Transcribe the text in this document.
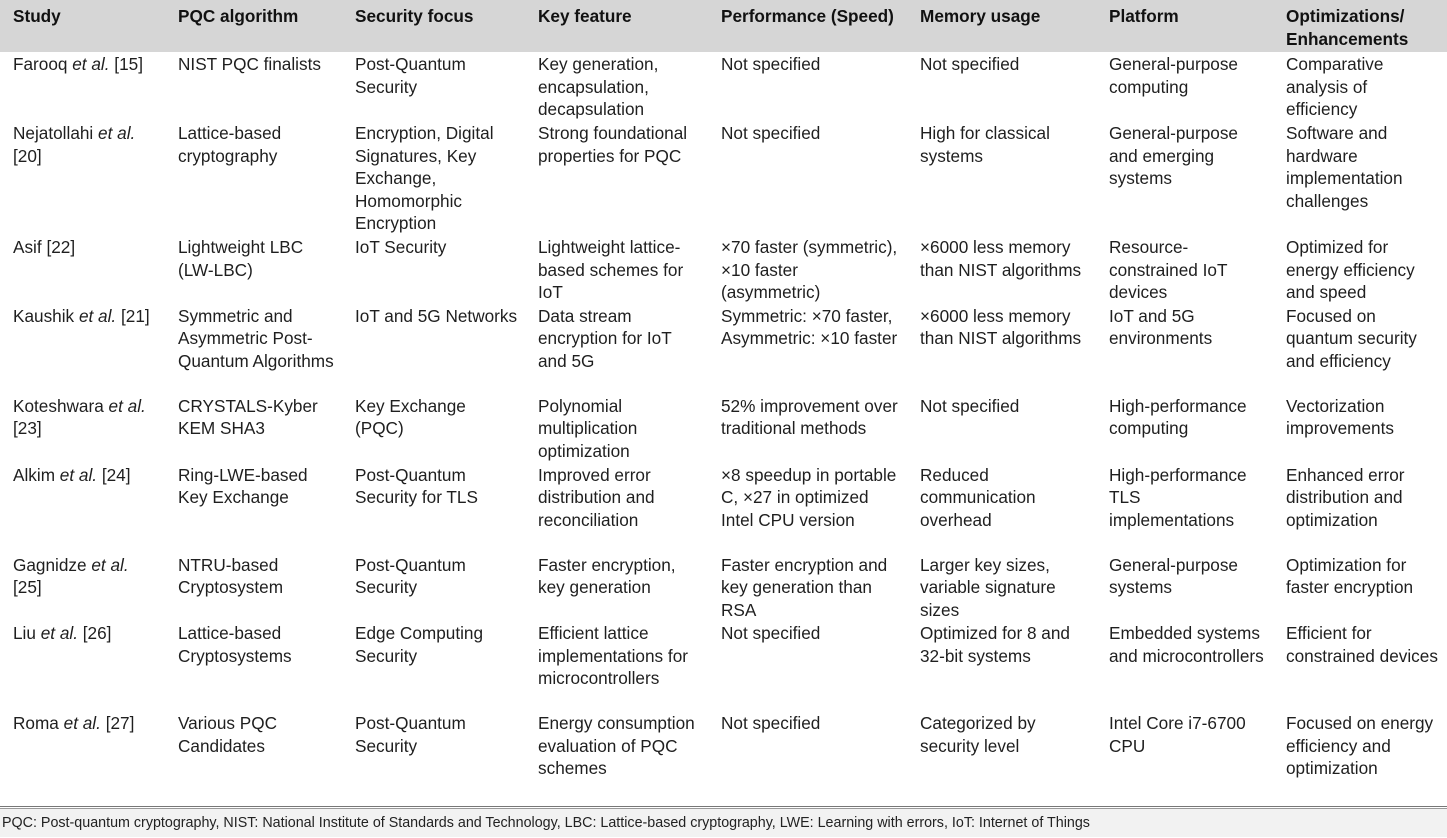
Study	PQC algorithm	Security focus	Key feature	Performance (Speed)	Memory usage	Platform	Optimizations/ Enhancements
Farooq et al. [15]	NIST PQC finalists	Post-Quantum Security	Key generation, encapsulation, decapsulation	Not specified	Not specified	General-purpose computing	Comparative analysis of efficiency
Nejatollahi et al. [20]	Lattice-based cryptography	Encryption, Digital Signatures, Key Exchange, Homomorphic Encryption	Strong foundational properties for PQC	Not specified	High for classical systems	General-purpose and emerging systems	Software and hardware implementation challenges
Asif [22]	Lightweight LBC (LW-LBC)	IoT Security	Lightweight lattice-based schemes for IoT	×70 faster (symmetric), ×10 faster (asymmetric)	×6000 less memory than NIST algorithms	Resource-constrained IoT devices	Optimized for energy efficiency and speed
Kaushik et al. [21]	Symmetric and Asymmetric Post-Quantum Algorithms	IoT and 5G Networks	Data stream encryption for IoT and 5G	Symmetric: ×70 faster, Asymmetric: ×10 faster	×6000 less memory than NIST algorithms	IoT and 5G environments	Focused on quantum security and efficiency
Koteshwara et al. [23]	CRYSTALS-Kyber KEM SHA3	Key Exchange (PQC)	Polynomial multiplication optimization	52% improvement over traditional methods	Not specified	High-performance computing	Vectorization improvements
Alkim et al. [24]	Ring-LWE-based Key Exchange	Post-Quantum Security for TLS	Improved error distribution and reconciliation	×8 speedup in portable C, ×27 in optimized Intel CPU version	Reduced communication overhead	High-performance TLS implementations	Enhanced error distribution and optimization
Gagnidze et al. [25]	NTRU-based Cryptosystem	Post-Quantum Security	Faster encryption, key generation	Faster encryption and key generation than RSA	Larger key sizes, variable signature sizes	General-purpose systems	Optimization for faster encryption
Liu et al. [26]	Lattice-based Cryptosystems	Edge Computing Security	Efficient lattice implementations for microcontrollers	Not specified	Optimized for 8 and 32-bit systems	Embedded systems and microcontrollers	Efficient for constrained devices
Roma et al. [27]	Various PQC Candidates	Post-Quantum Security	Energy consumption evaluation of PQC schemes	Not specified	Categorized by security level	Intel Core i7-6700 CPU	Focused on energy efficiency and optimization
PQC: Post-quantum cryptography, NIST: National Institute of Standards and Technology, LBC: Lattice-based cryptography, LWE: Learning with errors, IoT: Internet of Things
